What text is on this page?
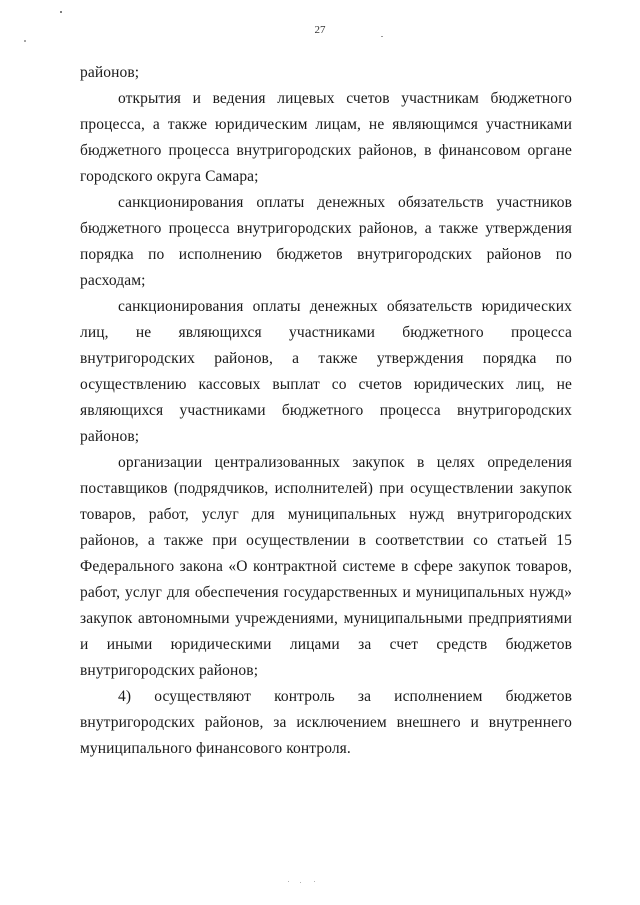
27

районов;

открытия и ведения лицевых счетов участникам бюджетного процесса, а также юридическим лицам, не являющимся участниками бюджетного процесса внутригородских районов, в финансовом органе городского округа Самара;

санкционирования оплаты денежных обязательств участников бюджетного процесса внутригородских районов, а также утверждения порядка по исполнению бюджетов внутригородских районов по расходам;

санкционирования оплаты денежных обязательств юридических лиц, не являющихся участниками бюджетного процесса внутригородских районов, а также утверждения порядка по осуществлению кассовых выплат со счетов юридических лиц, не являющихся участниками бюджетного процесса внутригородских районов;

организации централизованных закупок в целях определения поставщиков (подрядчиков, исполнителей) при осуществлении закупок товаров, работ, услуг для муниципальных нужд внутригородских районов, а также при осуществлении в соответствии со статьей 15 Федерального закона «О контрактной системе в сфере закупок товаров, работ, услуг для обеспечения государственных и муниципальных нужд» закупок автономными учреждениями, муниципальными предприятиями и иными юридическими лицами за счет средств бюджетов внутригородских районов;

4) осуществляют контроль за исполнением бюджетов внутригородских районов, за исключением внешнего и внутреннего муниципального финансового контроля.
